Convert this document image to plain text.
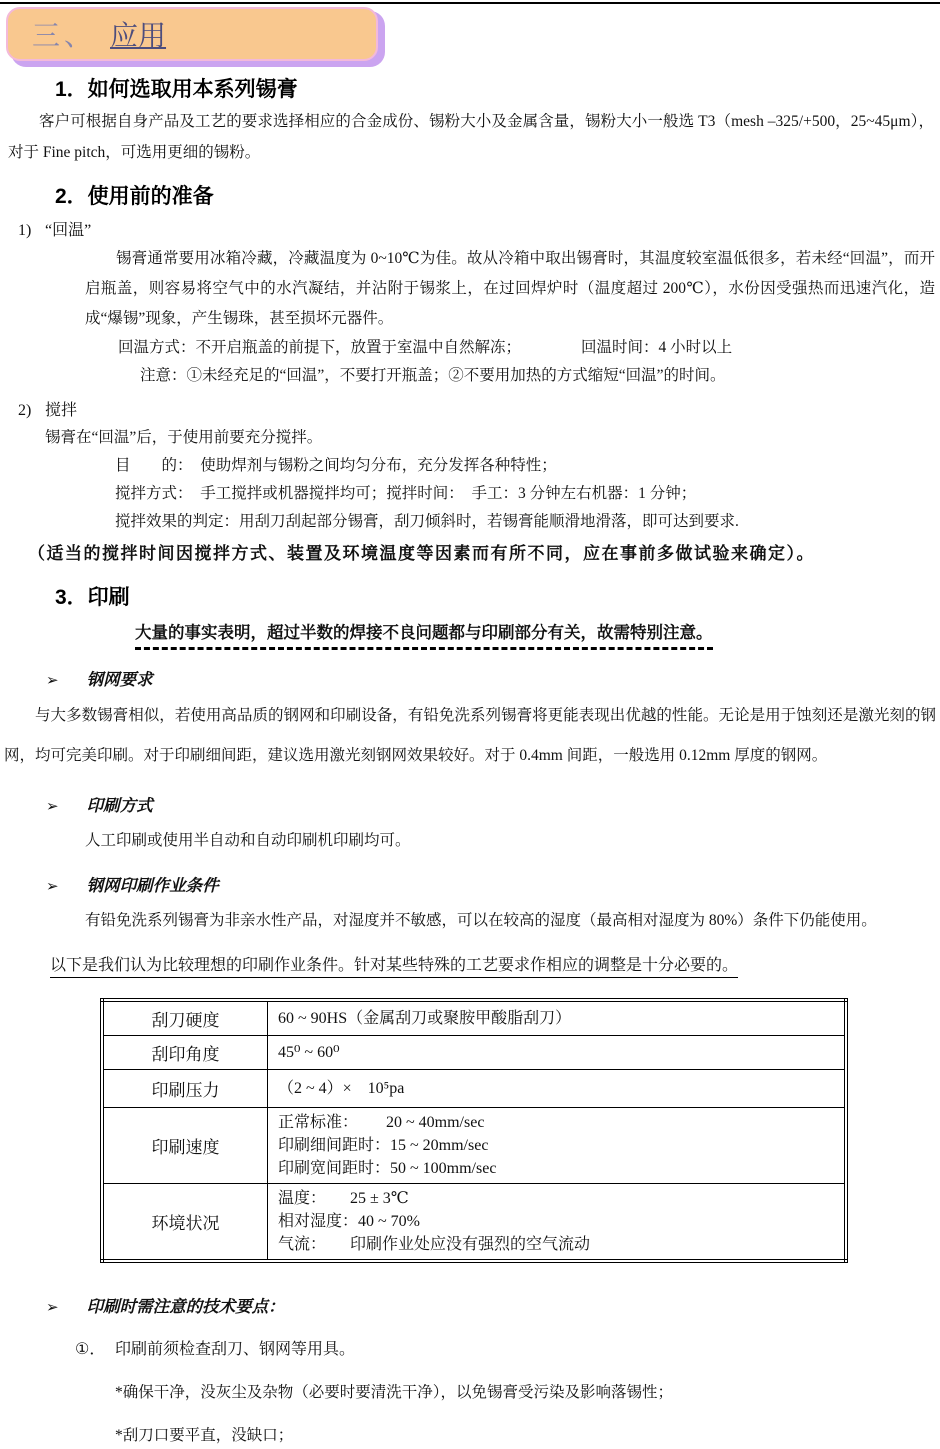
三、 应用
1．如何选取用本系列锡膏
客户可根据自身产品及工艺的要求选择相应的合金成份、锡粉大小及金属含量，锡粉大小一般选 T3（mesh –325/+500，25~45μm），对于 Fine pitch，可选用更细的锡粉。
2．使用前的准备
1) “回温”
锡膏通常要用冰箱冷藏，冷藏温度为 0~10℃为佳。故从冷箱中取出锡膏时，其温度较室温低很多，若未经“回温”，而开启瓶盖，则容易将空气中的水汽凝结，并沾附于锡浆上，在过回焊炉时（温度超过 200℃），水份因受强热而迅速汽化，造成“爆锡”现象，产生锡珠，甚至损坏元器件。
回温方式：不开启瓶盖的前提下，放置于室温中自然解冻；	回温时间：4 小时以上
注意：①未经充足的“回温”，不要打开瓶盖； ②不要用加热的方式缩短“回温”的时间。
2) 搅拌
锡膏在“回温”后，于使用前要充分搅拌。
目　　的：　使助焊剂与锡粉之间均匀分布，充分发挥各种特性；
搅拌方式：　手工搅拌或机器搅拌均可； 搅拌时间：　手工：3 分钟左右 机器：1 分钟；
搅拌效果的判定：用刮刀刮起部分锡膏，刮刀倾斜时，若锡膏能顺滑地滑落，即可达到要求.
（适当的搅拌时间因搅拌方式、装置及环境温度等因素而有所不同，应在事前多做试验来确定）。
3．印刷
大量的事实表明，超过半数的焊接不良问题都与印刷部分有关，故需特别注意。
➢ 钢网要求
与大多数锡膏相似，若使用高品质的钢网和印刷设备，有铅免洗系列锡膏将更能表现出优越的性能。无论是用于蚀刻还是激光刻的钢网，均可完美印刷。对于印刷细间距，建议选用激光刻钢网效果较好。对于 0.4mm 间距，一般选用 0.12mm 厚度的钢网。
➢ 印刷方式
人工印刷或使用半自动和自动印刷机印刷均可。
➢ 钢网印刷作业条件
有铅免洗系列锡膏为非亲水性产品，对湿度并不敏感，可以在较高的湿度（最高相对湿度为 80%）条件下仍能使用。
以下是我们认为比较理想的印刷作业条件。针对某些特殊的工艺要求作相应的调整是十分必要的。
刮刀硬度	60 ~ 90HS（金属刮刀或聚胺甲酸脂刮刀）

刮印角度	45⁰ ~ 60⁰

印刷压力	（2 ~ 4）×　10⁵pa

印刷速度	正常标准：　　 20 ~ 40mm/sec
印刷细间距时：15 ~ 20mm/sec
印刷宽间距时：50 ~ 100mm/sec

环境状况	温度：　　25 ± 3℃
相对湿度：40 ~ 70%
气流：　　印刷作业处应没有强烈的空气流动
➢ 印刷时需注意的技术要点：
①． 印刷前须检查刮刀、钢网等用具。
*确保干净，没灰尘及杂物（必要时要清洗干净），以免锡膏受污染及影响落锡性；
*刮刀口要平直，没缺口；
